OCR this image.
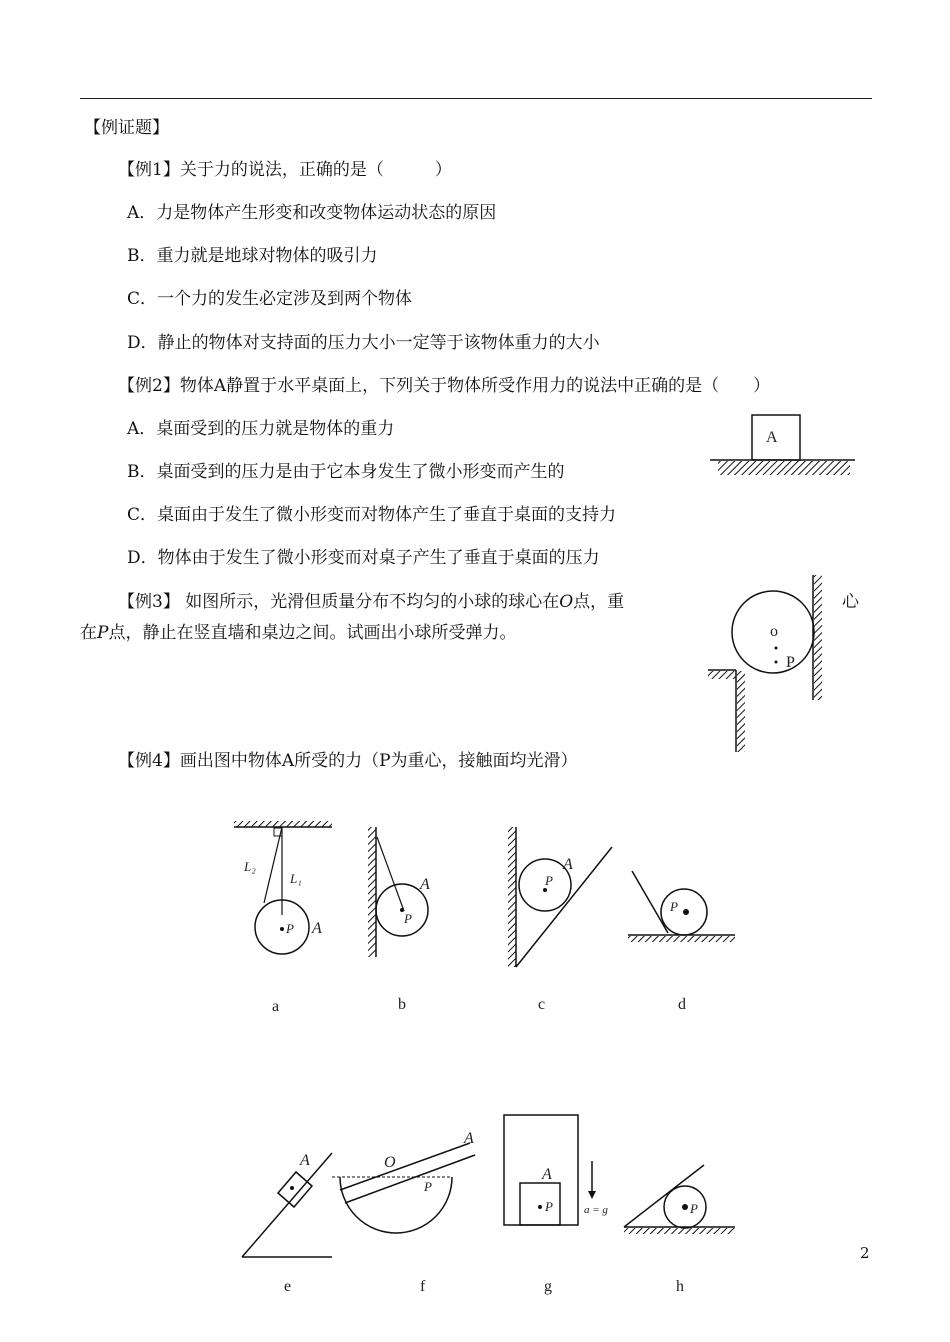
【例证题】
【例1】关于力的说法，正确的是（　　　）
A．力是物体产生形变和改变物体运动状态的原因
B．重力就是地球对物体的吸引力
C．一个力的发生必定涉及到两个物体
D．静止的物体对支持面的压力大小一定等于该物体重力的大小
【例2】物体A静置于水平桌面上，下列关于物体所受作用力的说法中正确的是（　　）
A．桌面受到的压力就是物体的重力
B．桌面受到的压力是由于它本身发生了微小形变而产生的
C．桌面由于发生了微小形变而对物体产生了垂直于桌面的支持力
D．物体由于发生了微小形变而对桌子产生了垂直于桌面的压力
A
【例3】 如图所示，光滑但质量分布不均匀的小球的球心在O点，重	心
在P点，静止在竖直墙和桌边之间。试画出小球所受弹力。	o
P
【例4】画出图中物体A所受的力（P为重心，接触面均光滑）
L₂
L₁
P A
P
A	P
A
P
a	b	c	d
A	O
P
A
P
A
a = g	P
e	f	g	h
2
